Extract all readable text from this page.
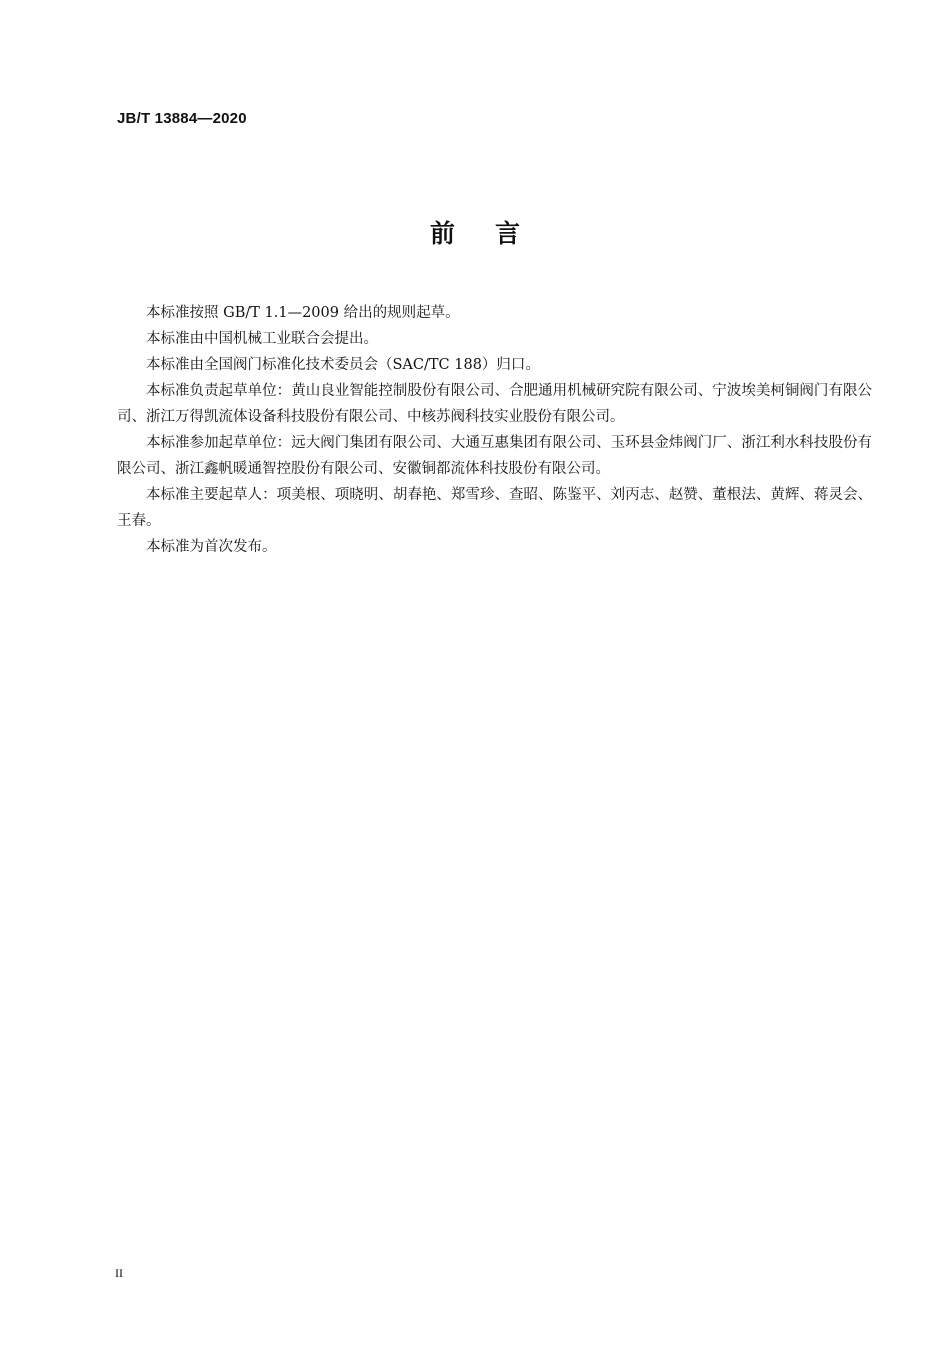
JB/T 13884—2020
前言

本标准按照 GB/T 1.1—2009 给出的规则起草。

本标准由中国机械工业联合会提出。

本标准由全国阀门标准化技术委员会（SAC/TC 188）归口。

本标准负责起草单位：黄山良业智能控制股份有限公司、合肥通用机械研究院有限公司、宁波埃美柯铜阀门有限公司、浙江万得凯流体设备科技股份有限公司、中核苏阀科技实业股份有限公司。

本标准参加起草单位：远大阀门集团有限公司、大通互惠集团有限公司、玉环县金炜阀门厂、浙江利水科技股份有限公司、浙江鑫帆暖通智控股份有限公司、安徽铜都流体科技股份有限公司。

本标准主要起草人：项美根、项晓明、胡春艳、郑雪珍、查昭、陈鉴平、刘丙志、赵赞、董根法、黄辉、蒋灵会、王春。

本标准为首次发布。

II
